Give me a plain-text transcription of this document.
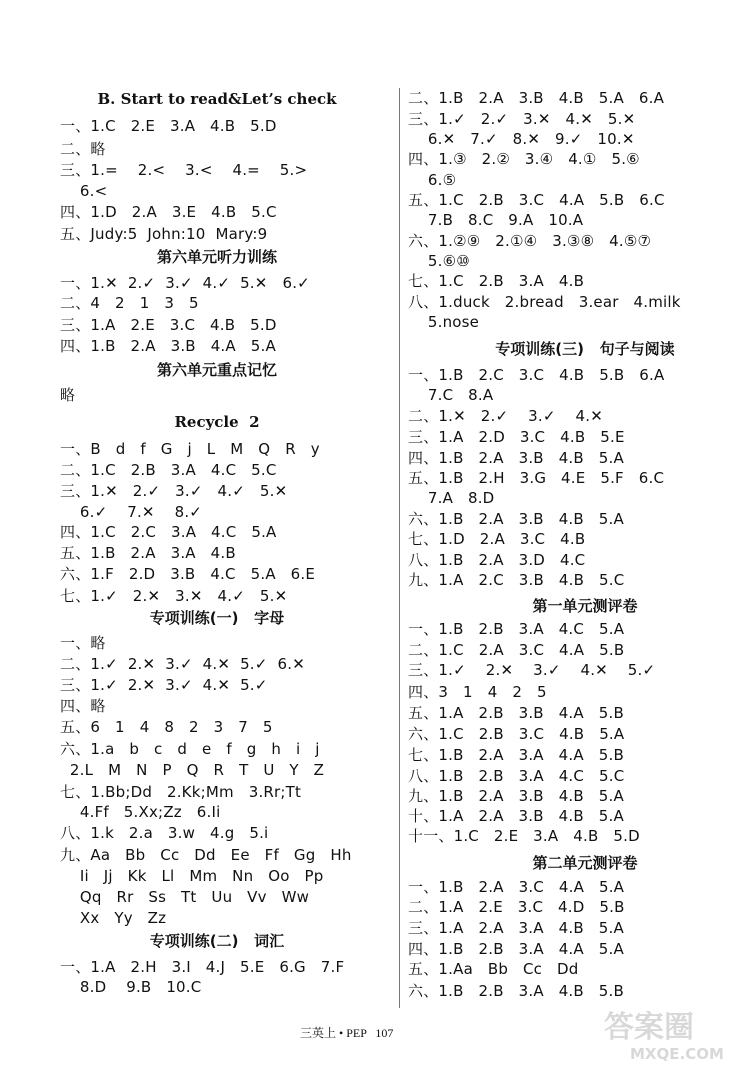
B. Start to read&Let’s check
一、1.C   2.E   3.A   4.B   5.D
二、略
三、1.=    2.<    3.<    4.=    5.>
6.<
四、1.D   2.A   3.E   4.B   5.C
五、Judy:5  John:10  Mary:9
第六单元听力训练
一、1.✕  2.✓  3.✓  4.✓  5.✕   6.✓
二、4   2   1   3   5
三、1.A   2.E   3.C   4.B   5.D
四、1.B   2.A   3.B   4.A   5.A
第六单元重点记忆
略
Recycle  2
一、B   d   f   G   j   L   M   Q   R   y
二、1.C   2.B   3.A   4.C   5.C
三、1.✕   2.✓   3.✓   4.✓   5.✕
6.✓    7.✕    8.✓
四、1.C   2.C   3.A   4.C   5.A
五、1.B   2.A   3.A   4.B
六、1.F   2.D   3.B   4.C   5.A   6.E
七、1.✓   2.✕   3.✕   4.✓   5.✕
专项训练(一)   字母
一、略
二、1.✓  2.✕  3.✓  4.✕  5.✓  6.✕
三、1.✓  2.✕  3.✓  4.✕  5.✓
四、略
五、6   1   4   8   2   3   7   5
六、1.a   b   c   d   e   f   g   h   i   j
2.L   M   N   P   Q   R   T   U   Y   Z
七、1.Bb;Dd   2.Kk;Mm   3.Rr;Tt
4.Ff   5.Xx;Zz   6.Ii
八、1.k   2.a   3.w   4.g   5.i
九、Aa   Bb   Cc   Dd   Ee   Ff   Gg   Hh
Ii   Jj   Kk   Ll   Mm   Nn   Oo   Pp
Qq   Rr   Ss   Tt   Uu   Vv   Ww
Xx   Yy   Zz
专项训练(二)   词汇
一、1.A   2.H   3.I   4.J   5.E   6.G   7.F
8.D    9.B   10.C
二、1.B   2.A   3.B   4.B   5.A   6.A
三、1.✓   2.✓   3.✕   4.✕   5.✕
6.✕   7.✓   8.✕   9.✓   10.✕
四、1.③   2.②   3.④   4.①   5.⑥
6.⑤
五、1.C   2.B   3.C   4.A   5.B   6.C
7.B   8.C   9.A   10.A
六、1.②⑨   2.①④   3.③⑧   4.⑤⑦
5.⑥⑩
七、1.C   2.B   3.A   4.B
八、1.duck   2.bread   3.ear   4.milk
5.nose
专项训练(三)   句子与阅读
一、1.B   2.C   3.C   4.B   5.B   6.A
7.C   8.A
二、1.✕   2.✓    3.✓    4.✕
三、1.A   2.D   3.C   4.B   5.E
四、1.B   2.A   3.B   4.B   5.A
五、1.B   2.H   3.G   4.E   5.F   6.C
7.A   8.D
六、1.B   2.A   3.B   4.B   5.A
七、1.D   2.A   3.C   4.B
八、1.B   2.A   3.D   4.C
九、1.A   2.C   3.B   4.B   5.C
第一单元测评卷
一、1.B   2.B   3.A   4.C   5.A
二、1.C   2.A   3.C   4.A   5.B
三、1.✓    2.✕    3.✓    4.✕    5.✓
四、3   1   4   2   5
五、1.A   2.B   3.B   4.A   5.B
六、1.C   2.B   3.C   4.B   5.A
七、1.B   2.A   3.A   4.A   5.B
八、1.B   2.B   3.A   4.C   5.C
九、1.B   2.A   3.B   4.B   5.A
十、1.A   2.A   3.B   4.B   5.A
十一、1.C   2.E   3.A   4.B   5.D
第二单元测评卷
一、1.B   2.A   3.C   4.A   5.A
二、1.A   2.E   3.C   4.D   5.B
三、1.A   2.A   3.A   4.B   5.A
四、1.B   2.B   3.A   4.A   5.A
五、1.Aa   Bb   Cc   Dd
六、1.B   2.B   3.A   4.B   5.B
三英上 • PEP   107	答案圈
MXQE.COM
